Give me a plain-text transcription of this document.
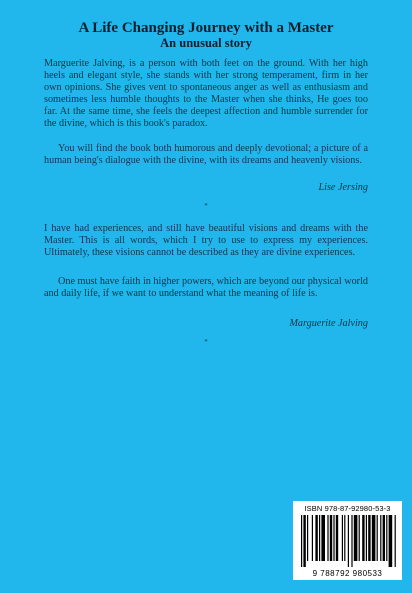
A Life Changing Journey with a Master
An unusual story

Marguerite Jalving, is a person with both feet on the ground. With her high heels and elegant style, she stands with her strong temperament, firm in her own opinions. She gives vent to spontaneous anger as well as enthusiasm and sometimes less humble thoughts to the Master when she thinks, He goes too far. At the same time, she feels the deepest affection and humble surrender for the divine, which is this book's paradox.

You will find the book both humorous and deeply devotional; a picture of a human being's dialogue with the divine, with its dreams and heavenly visions.

Lise Jersing
*

I have had experiences, and still have beautiful visions and dreams with the Master. This is all words, which I try to use to express my experiences. Ultimately, these visions cannot be described as they are divine experiences.

One must have faith in higher powers, which are beyond our physical world and daily life, if we want to understand what the meaning of life is.

Marguerite Jalving
*
ISBN 978-87-92980-53-3
9 788792 980533
